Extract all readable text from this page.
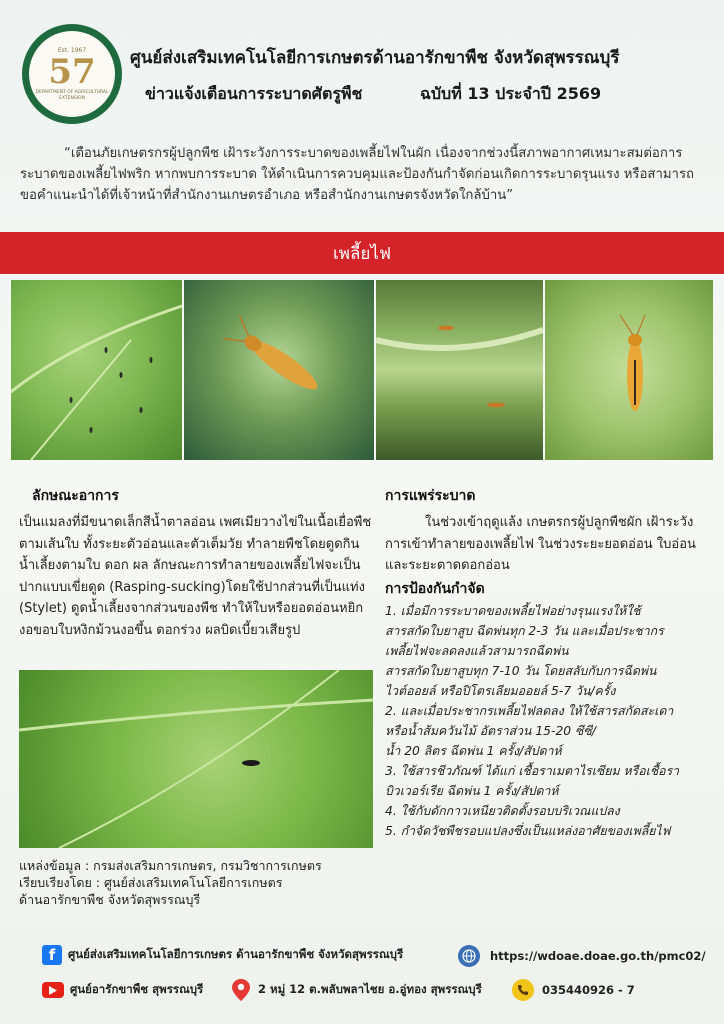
Est. 1967
57
DEPARTMENT OF AGRICULTURAL EXTENSION
ศูนย์ส่งเสริมเทคโนโลยีการเกษตรด้านอารักขาพืช จังหวัดสุพรรณบุรี
ข่าวแจ้งเตือนการระบาดศัตรูพืช	ฉบับที่ 13 ประจำปี 2569
“เตือนภัยเกษตรกรผู้ปลูกพืช เฝ้าระวังการระบาดของเพลี้ยไฟในผัก เนื่องจากช่วงนี้สภาพอากาศเหมาะสมต่อการระบาดของเพลี้ยไฟพริก หากพบการระบาด ให้ดำเนินการควบคุมและป้องกันกำจัดก่อนเกิดการระบาดรุนแรง หรือสามารถ ขอคำแนะนำได้ที่เจ้าหน้าที่สำนักงานเกษตรอำเภอ หรือสำนักงานเกษตรจังหวัดใกล้บ้าน”
เพลี้ยไฟ
ลักษณะอาการ
เป็นแมลงที่มีขนาดเล็กสีน้ำตาลอ่อน เพศเมียวางไข่ในเนื้อเยื่อพืชตามเส้นใบ ทั้งระยะตัวอ่อนและตัวเต็มวัย ทำลายพืชโดยดูดกินน้ำเลี้ยงตามใบ ดอก ผล ลักษณะการทำลายของเพลี้ยไฟจะเป็นปากแบบเขี่ยดูด (Rasping-sucking)โดยใช้ปากส่วนที่เป็นแท่ง (Stylet) ดูดน้ำเลี้ยงจากส่วนของพืช ทำให้ใบหรือยอดอ่อนหยิกงอขอบใบหงิกม้วนงอขึ้น ดอกร่วง ผลบิดเบี้ยวเสียรูป
การแพร่ระบาด
ในช่วงเข้าฤดูแล้ง เกษตรกรผู้ปลูกพืชผัก เฝ้าระวังการเข้าทำลายของเพลี้ยไฟ ในช่วงระยะยอดอ่อน ใบอ่อน และระยะตาดดอกอ่อน
การป้องกันกำจัด
1. เมื่อมีการระบาดของเพลี้ยไฟอย่างรุนแรงให้ใช้
สารสกัดใบยาสูบ ฉีดพ่นทุก 2-3 วัน และเมื่อประชากร
เพลี้ยไฟจะลดลงแล้วสามารถฉีดพ่น
สารสกัดใบยาสูบทุก 7-10 วัน โดยสลับกับการฉีดพ่น
ไวต์ออยล์ หรือปิโตรเลียมออยล์ 5-7 วัน/ครั้ง
2. และเมื่อประชากรเพลี้ยไฟลดลง ให้ใช้สารสกัดสะเดา
หรือน้ำส้มควันไม้ อัตราส่วน 15-20 ซีซี/
น้ำ 20 ลิตร ฉีดพ่น 1 ครั้ง/สัปดาห์
3. ใช้สารชีวภัณฑ์ ได้แก่ เชื้อราเมตาไรเซียม หรือเชื้อรา
บิวเวอร์เรีย ฉีดพ่น 1 ครั้ง/สัปดาห์
4. ใช้กับดักกาวเหนียวติดตั้งรอบบริเวณแปลง
5. กำจัดวัชพืชรอบแปลงซึ่งเป็นแหล่งอาศัยของเพลี้ยไฟ
แหล่งข้อมูล : กรมส่งเสริมการเกษตร, กรมวิชาการเกษตร
เรียบเรียงโดย : ศูนย์ส่งเสริมเทคโนโลยีการเกษตร
ด้านอารักขาพืช จังหวัดสุพรรณบุรี
f	ศูนย์ส่งเสริมเทคโนโลยีการเกษตร ด้านอารักขาพืช จังหวัดสุพรรณบุรี	https://wdoae.doae.go.th/pmc02/
ศูนย์อารักขาพืช สุพรรณบุรี	2 หมู่ 12 ต.พลับพลาไชย อ.อู่ทอง สุพรรณบุรี	035440926 - 7
